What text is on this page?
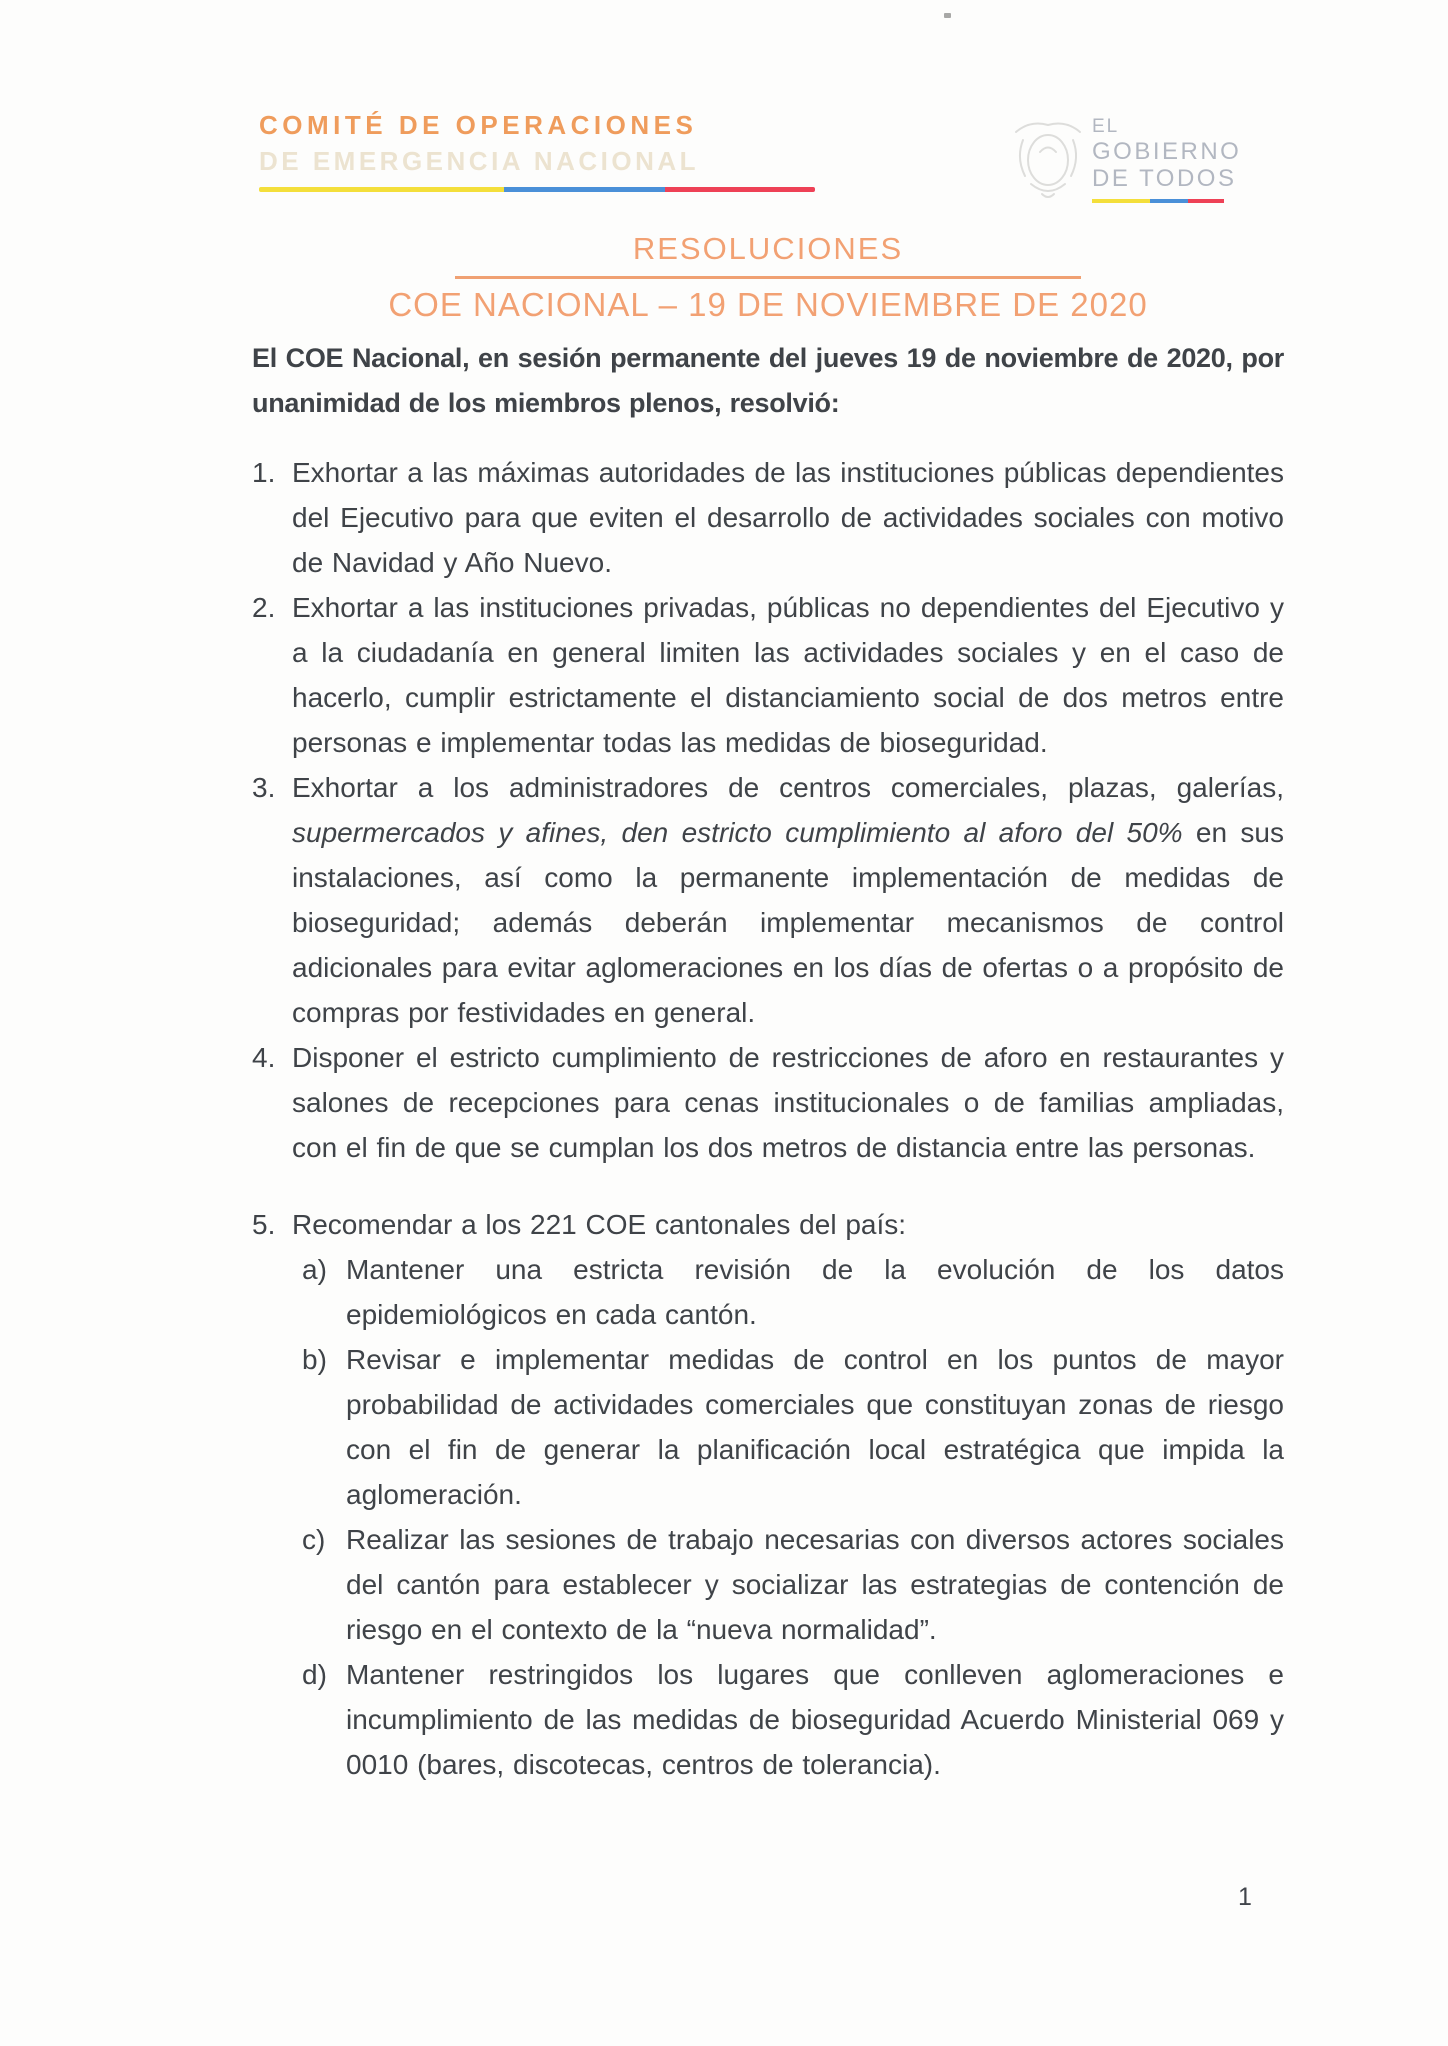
COMITÉ DE OPERACIONES
DE EMERGENCIA NACIONAL
EL
GOBIERNO
DE TODOS
RESOLUCIONES
COE NACIONAL – 19 DE NOVIEMBRE DE 2020

El COE Nacional, en sesión permanente del jueves 19 de noviembre de 2020, por unanimidad de los miembros plenos, resolvió:

1. Exhortar a las máximas autoridades de las instituciones públicas dependientes del Ejecutivo para que eviten el desarrollo de actividades sociales con motivo de Navidad y Año Nuevo.
2. Exhortar a las instituciones privadas, públicas no dependientes del Ejecutivo y a la ciudadanía en general limiten las actividades sociales y en el caso de hacerlo, cumplir estrictamente el distanciamiento social de dos metros entre personas e implementar todas las medidas de bioseguridad.
3. Exhortar a los administradores de centros comerciales, plazas, galerías, supermercados y afines, den estricto cumplimiento al aforo del 50% en sus instalaciones, así como la permanente implementación de medidas de bioseguridad; además deberán implementar mecanismos de control adicionales para evitar aglomeraciones en los días de ofertas o a propósito de compras por festividades en general.
4. Disponer el estricto cumplimiento de restricciones de aforo en restaurantes y salones de recepciones para cenas institucionales o de familias ampliadas, con el fin de que se cumplan los dos metros de distancia entre las personas.
5. Recomendar a los 221 COE cantonales del país:
a) Mantener una estricta revisión de la evolución de los datos epidemiológicos en cada cantón.
b) Revisar e implementar medidas de control en los puntos de mayor probabilidad de actividades comerciales que constituyan zonas de riesgo con el fin de generar la planificación local estratégica que impida la aglomeración.
c) Realizar las sesiones de trabajo necesarias con diversos actores sociales del cantón para establecer y socializar las estrategias de contención de riesgo en el contexto de la “nueva normalidad”.
d) Mantener restringidos los lugares que conlleven aglomeraciones e incumplimiento de las medidas de bioseguridad Acuerdo Ministerial 069 y 0010 (bares, discotecas, centros de tolerancia).
1
